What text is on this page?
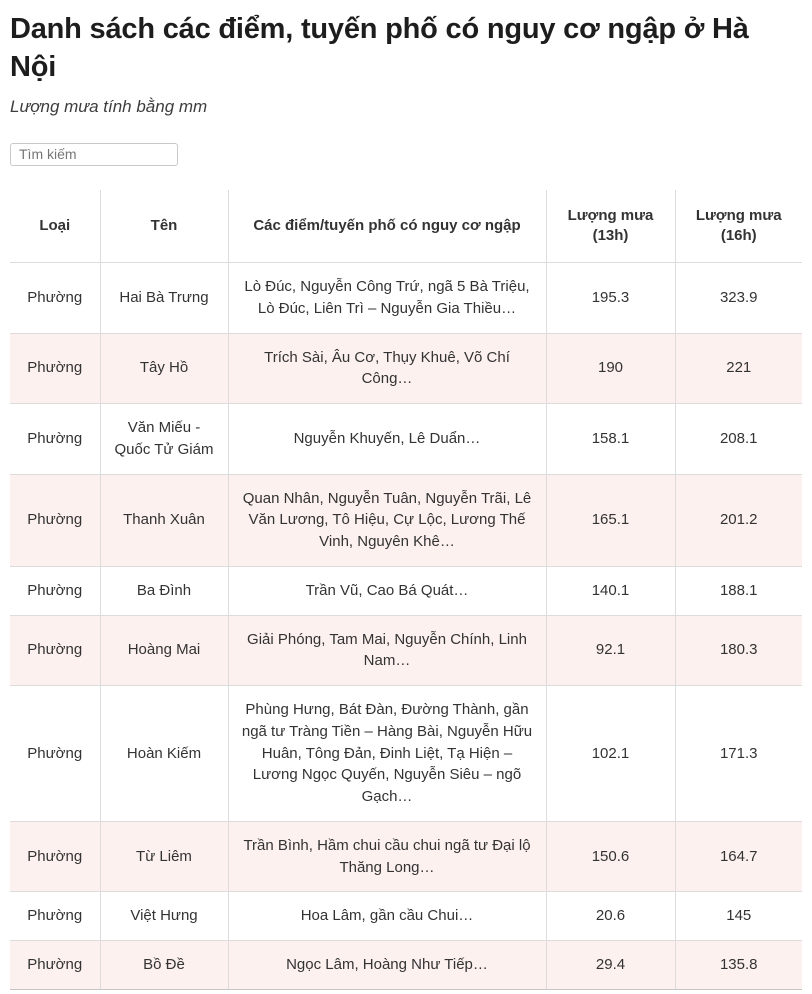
Danh sách các điểm, tuyến phố có nguy cơ ngập ở Hà Nội

Lượng mưa tính bằng mm

Tìm kiếm
Loại	Tên	Các điểm/tuyến phố có nguy cơ ngập	Lượng mưa (13h)	Lượng mưa (16h)
Phường	Hai Bà Trưng	Lò Đúc, Nguyễn Công Trứ, ngã 5 Bà Triệu, Lò Đúc, Liên Trì – Nguyễn Gia Thiều…	195.3	323.9
Phường	Tây Hồ	Trích Sài, Âu Cơ, Thụy Khuê, Võ Chí Công…	190	221
Phường	Văn Miếu - Quốc Tử Giám	Nguyễn Khuyến, Lê Duẩn…	158.1	208.1
Phường	Thanh Xuân	Quan Nhân, Nguyễn Tuân, Nguyễn Trãi, Lê Văn Lương, Tô Hiệu, Cự Lộc, Lương Thế Vinh, Nguyên Khê…	165.1	201.2
Phường	Ba Đình	Trần Vũ, Cao Bá Quát…	140.1	188.1
Phường	Hoàng Mai	Giải Phóng, Tam Mai, Nguyễn Chính, Linh Nam…	92.1	180.3
Phường	Hoàn Kiếm	Phùng Hưng, Bát Đàn, Đường Thành, gần ngã tư Tràng Tiền – Hàng Bài, Nguyễn Hữu Huân, Tông Đản, Đinh Liệt, Tạ Hiện – Lương Ngọc Quyến, Nguyễn Siêu – ngõ Gạch…	102.1	171.3
Phường	Từ Liêm	Trần Bình, Hầm chui cầu chui ngã tư Đại lộ Thăng Long…	150.6	164.7
Phường	Việt Hưng	Hoa Lâm, gần cầu Chui…	20.6	145
Phường	Bồ Đề	Ngọc Lâm, Hoàng Như Tiếp…	29.4	135.8
